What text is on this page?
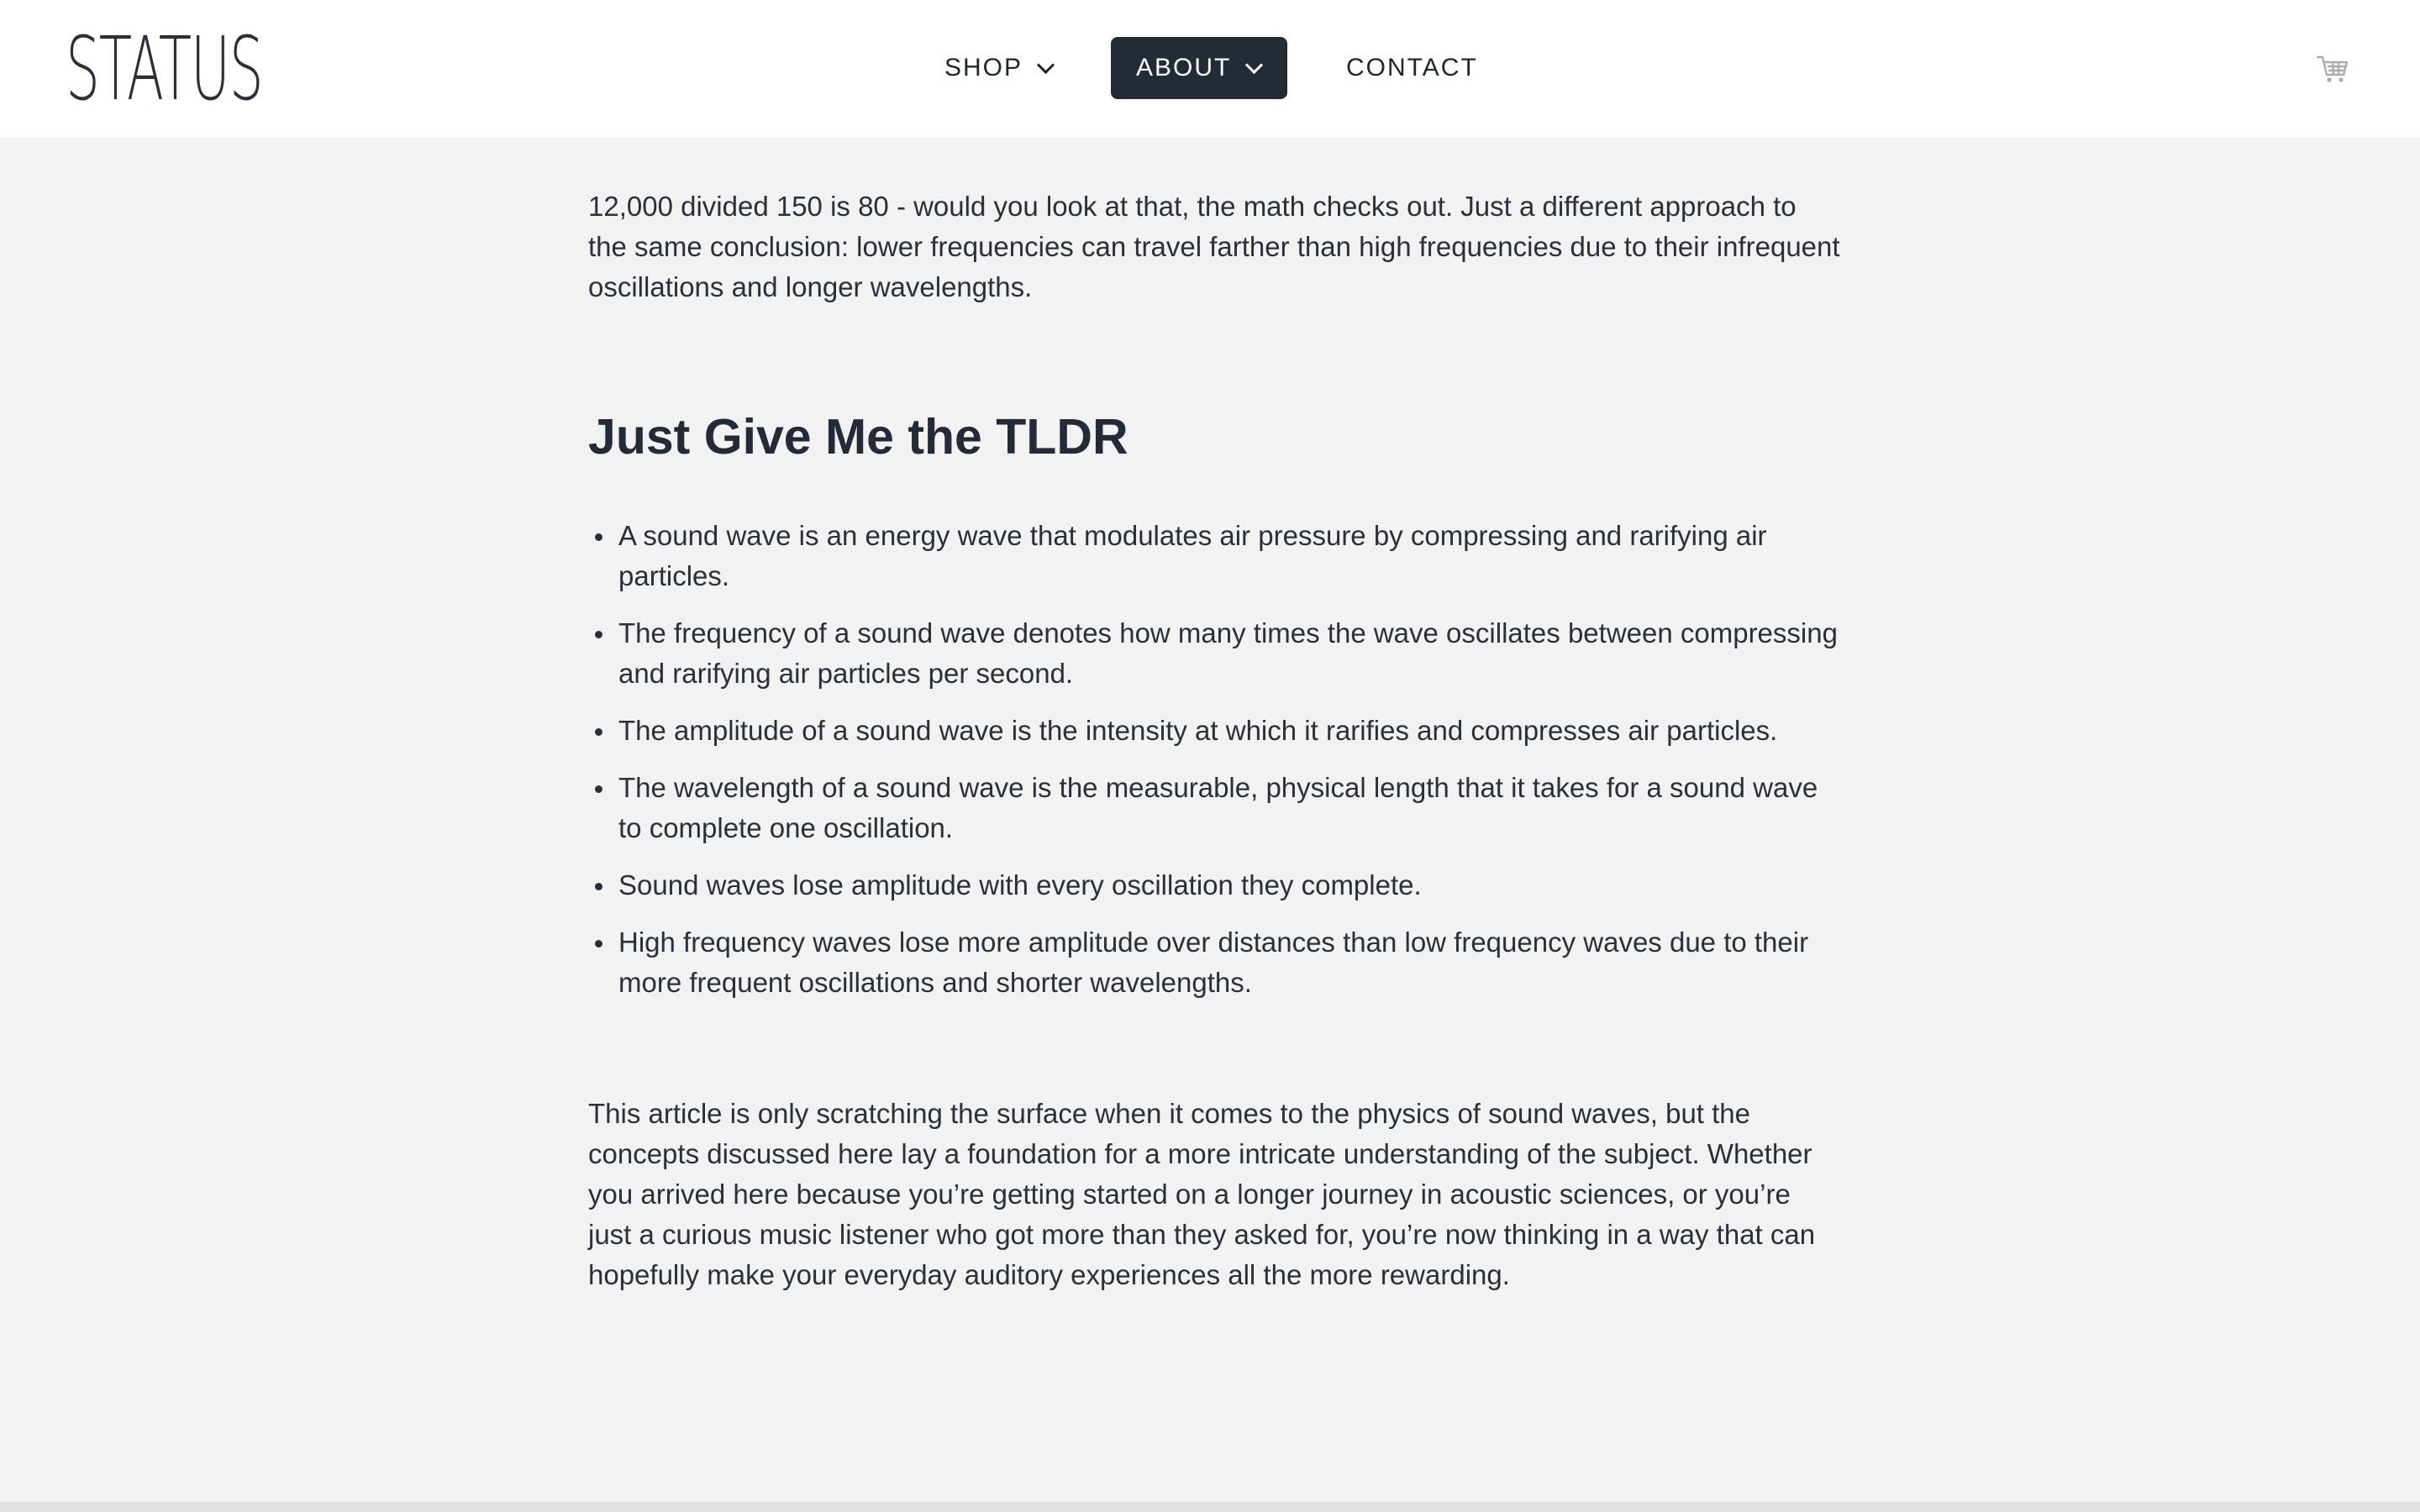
STATUS	SHOP	ABOUT	CONTACT

12,000 divided 150 is 80 - would you look at that, the math checks out. Just a different approach to the same conclusion: lower frequencies can travel farther than high frequencies due to their infrequent oscillations and longer wavelengths.

Just Give Me the TLDR
A sound wave is an energy wave that modulates air pressure by compressing and rarifying air particles.
The frequency of a sound wave denotes how many times the wave oscillates between compressing and rarifying air particles per second.
The amplitude of a sound wave is the intensity at which it rarifies and compresses air particles.
The wavelength of a sound wave is the measurable, physical length that it takes for a sound wave to complete one oscillation.
Sound waves lose amplitude with every oscillation they complete.
High frequency waves lose more amplitude over distances than low frequency waves due to their more frequent oscillations and shorter wavelengths.

This article is only scratching the surface when it comes to the physics of sound waves, but the concepts discussed here lay a foundation for a more intricate understanding of the subject. Whether you arrived here because you’re getting started on a longer journey in acoustic sciences, or you’re just a curious music listener who got more than they asked for, you’re now thinking in a way that can hopefully make your everyday auditory experiences all the more rewarding.
